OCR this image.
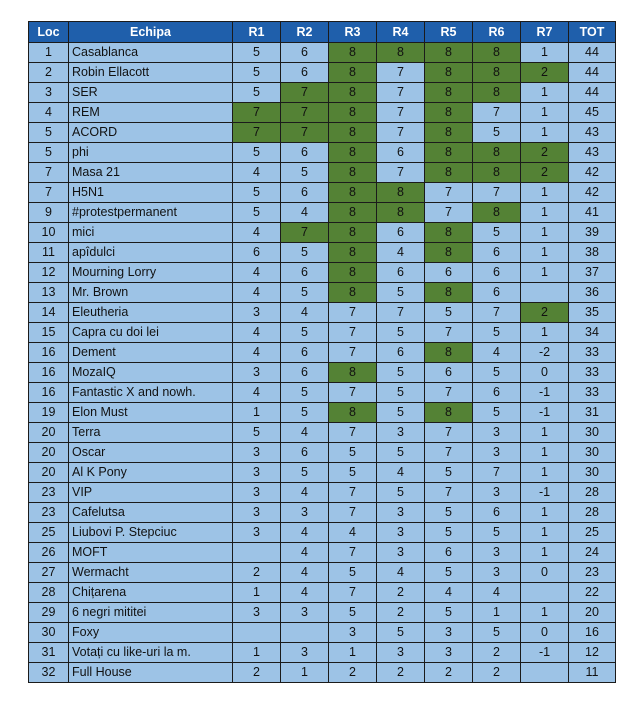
Loc	Echipa	R1	R2	R3	R4	R5	R6	R7	TOT
1	Casablanca	5	6	8	8	8	8	1	44
2	Robin Ellacott	5	6	8	7	8	8	2	44
3	SER	5	7	8	7	8	8	1	44
4	REM	7	7	8	7	8	7	1	45
5	ACORD	7	7	8	7	8	5	1	43
5	phi	5	6	8	6	8	8	2	43
7	Masa 21	4	5	8	7	8	8	2	42
7	H5N1	5	6	8	8	7	7	1	42
9	#protestpermanent	5	4	8	8	7	8	1	41
10	mici	4	7	8	6	8	5	1	39
11	apîdulci	6	5	8	4	8	6	1	38
12	Mourning Lorry	4	6	8	6	6	6	1	37
13	Mr. Brown	4	5	8	5	8	6		36
14	Eleutheria	3	4	7	7	5	7	2	35
15	Capra cu doi lei	4	5	7	5	7	5	1	34
16	Dement	4	6	7	6	8	4	-2	33
16	MozaIQ	3	6	8	5	6	5	0	33
16	Fantastic X and nowh.	4	5	7	5	7	6	-1	33
19	Elon Must	1	5	8	5	8	5	-1	31
20	Terra	5	4	7	3	7	3	1	30
20	Oscar	3	6	5	5	7	3	1	30
20	Al K Pony	3	5	5	4	5	7	1	30
23	VIP	3	4	7	5	7	3	-1	28
23	Cafelutsa	3	3	7	3	5	6	1	28
25	Liubovi P. Stepciuc	3	4	4	3	5	5	1	25
26	MOFT		4	7	3	6	3	1	24
27	Wermacht	2	4	5	4	5	3	0	23
28	Chițarena	1	4	7	2	4	4		22
29	6 negri mititei	3	3	5	2	5	1	1	20
30	Foxy			3	5	3	5	0	16
31	Votați cu like-uri la m.	1	3	1	3	3	2	-1	12
32	Full House	2	1	2	2	2	2		11
